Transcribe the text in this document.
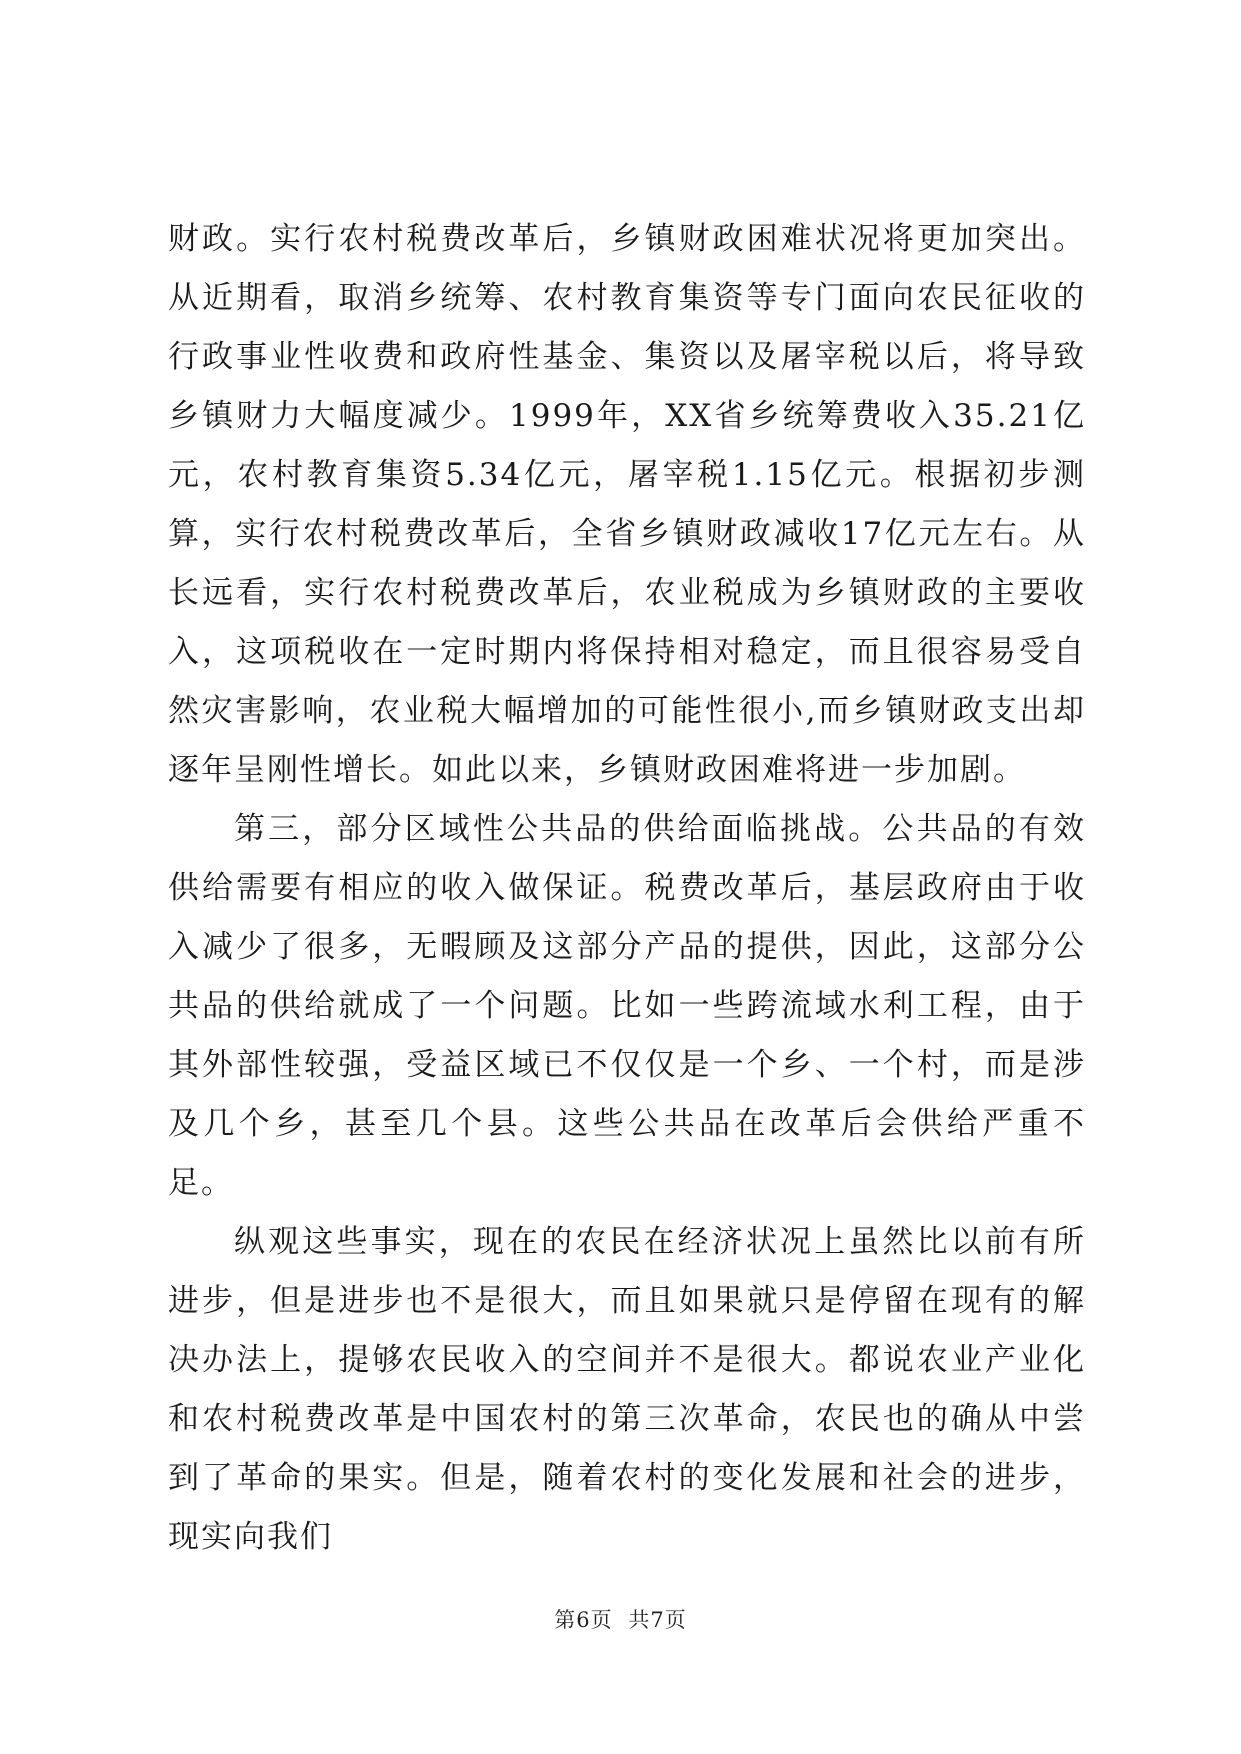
财政。实行农村税费改革后，乡镇财政困难状况将更加突出。从近期看，取消乡统筹、农村教育集资等专门面向农民征收的行政事业性收费和政府性基金、集资以及屠宰税以后，将导致乡镇财力大幅度减少。1999年，XX省乡统筹费收入35.21亿元，农村教育集资5.34亿元，屠宰税1.15亿元。根据初步测算，实行农村税费改革后，全省乡镇财政减收17亿元左右。从长远看，实行农村税费改革后，农业税成为乡镇财政的主要收入，这项税收在一定时期内将保持相对稳定，而且很容易受自然灾害影响，农业税大幅增加的可能性很小,而乡镇财政支出却逐年呈刚性增长。如此以来，乡镇财政困难将进一步加剧。

第三，部分区域性公共品的供给面临挑战。公共品的有效供给需要有相应的收入做保证。税费改革后，基层政府由于收入减少了很多，无暇顾及这部分产品的提供，因此，这部分公共品的供给就成了一个问题。比如一些跨流域水利工程，由于其外部性较强，受益区域已不仅仅是一个乡、一个村，而是涉及几个乡，甚至几个县。这些公共品在改革后会供给严重不足。

纵观这些事实，现在的农民在经济状况上虽然比以前有所进步，但是进步也不是很大，而且如果就只是停留在现有的解决办法上，提够农民收入的空间并不是很大。都说农业产业化和农村税费改革是中国农村的第三次革命，农民也的确从中尝到了革命的果实。但是，随着农村的变化发展和社会的进步，现实向我们

第6页 共7页
